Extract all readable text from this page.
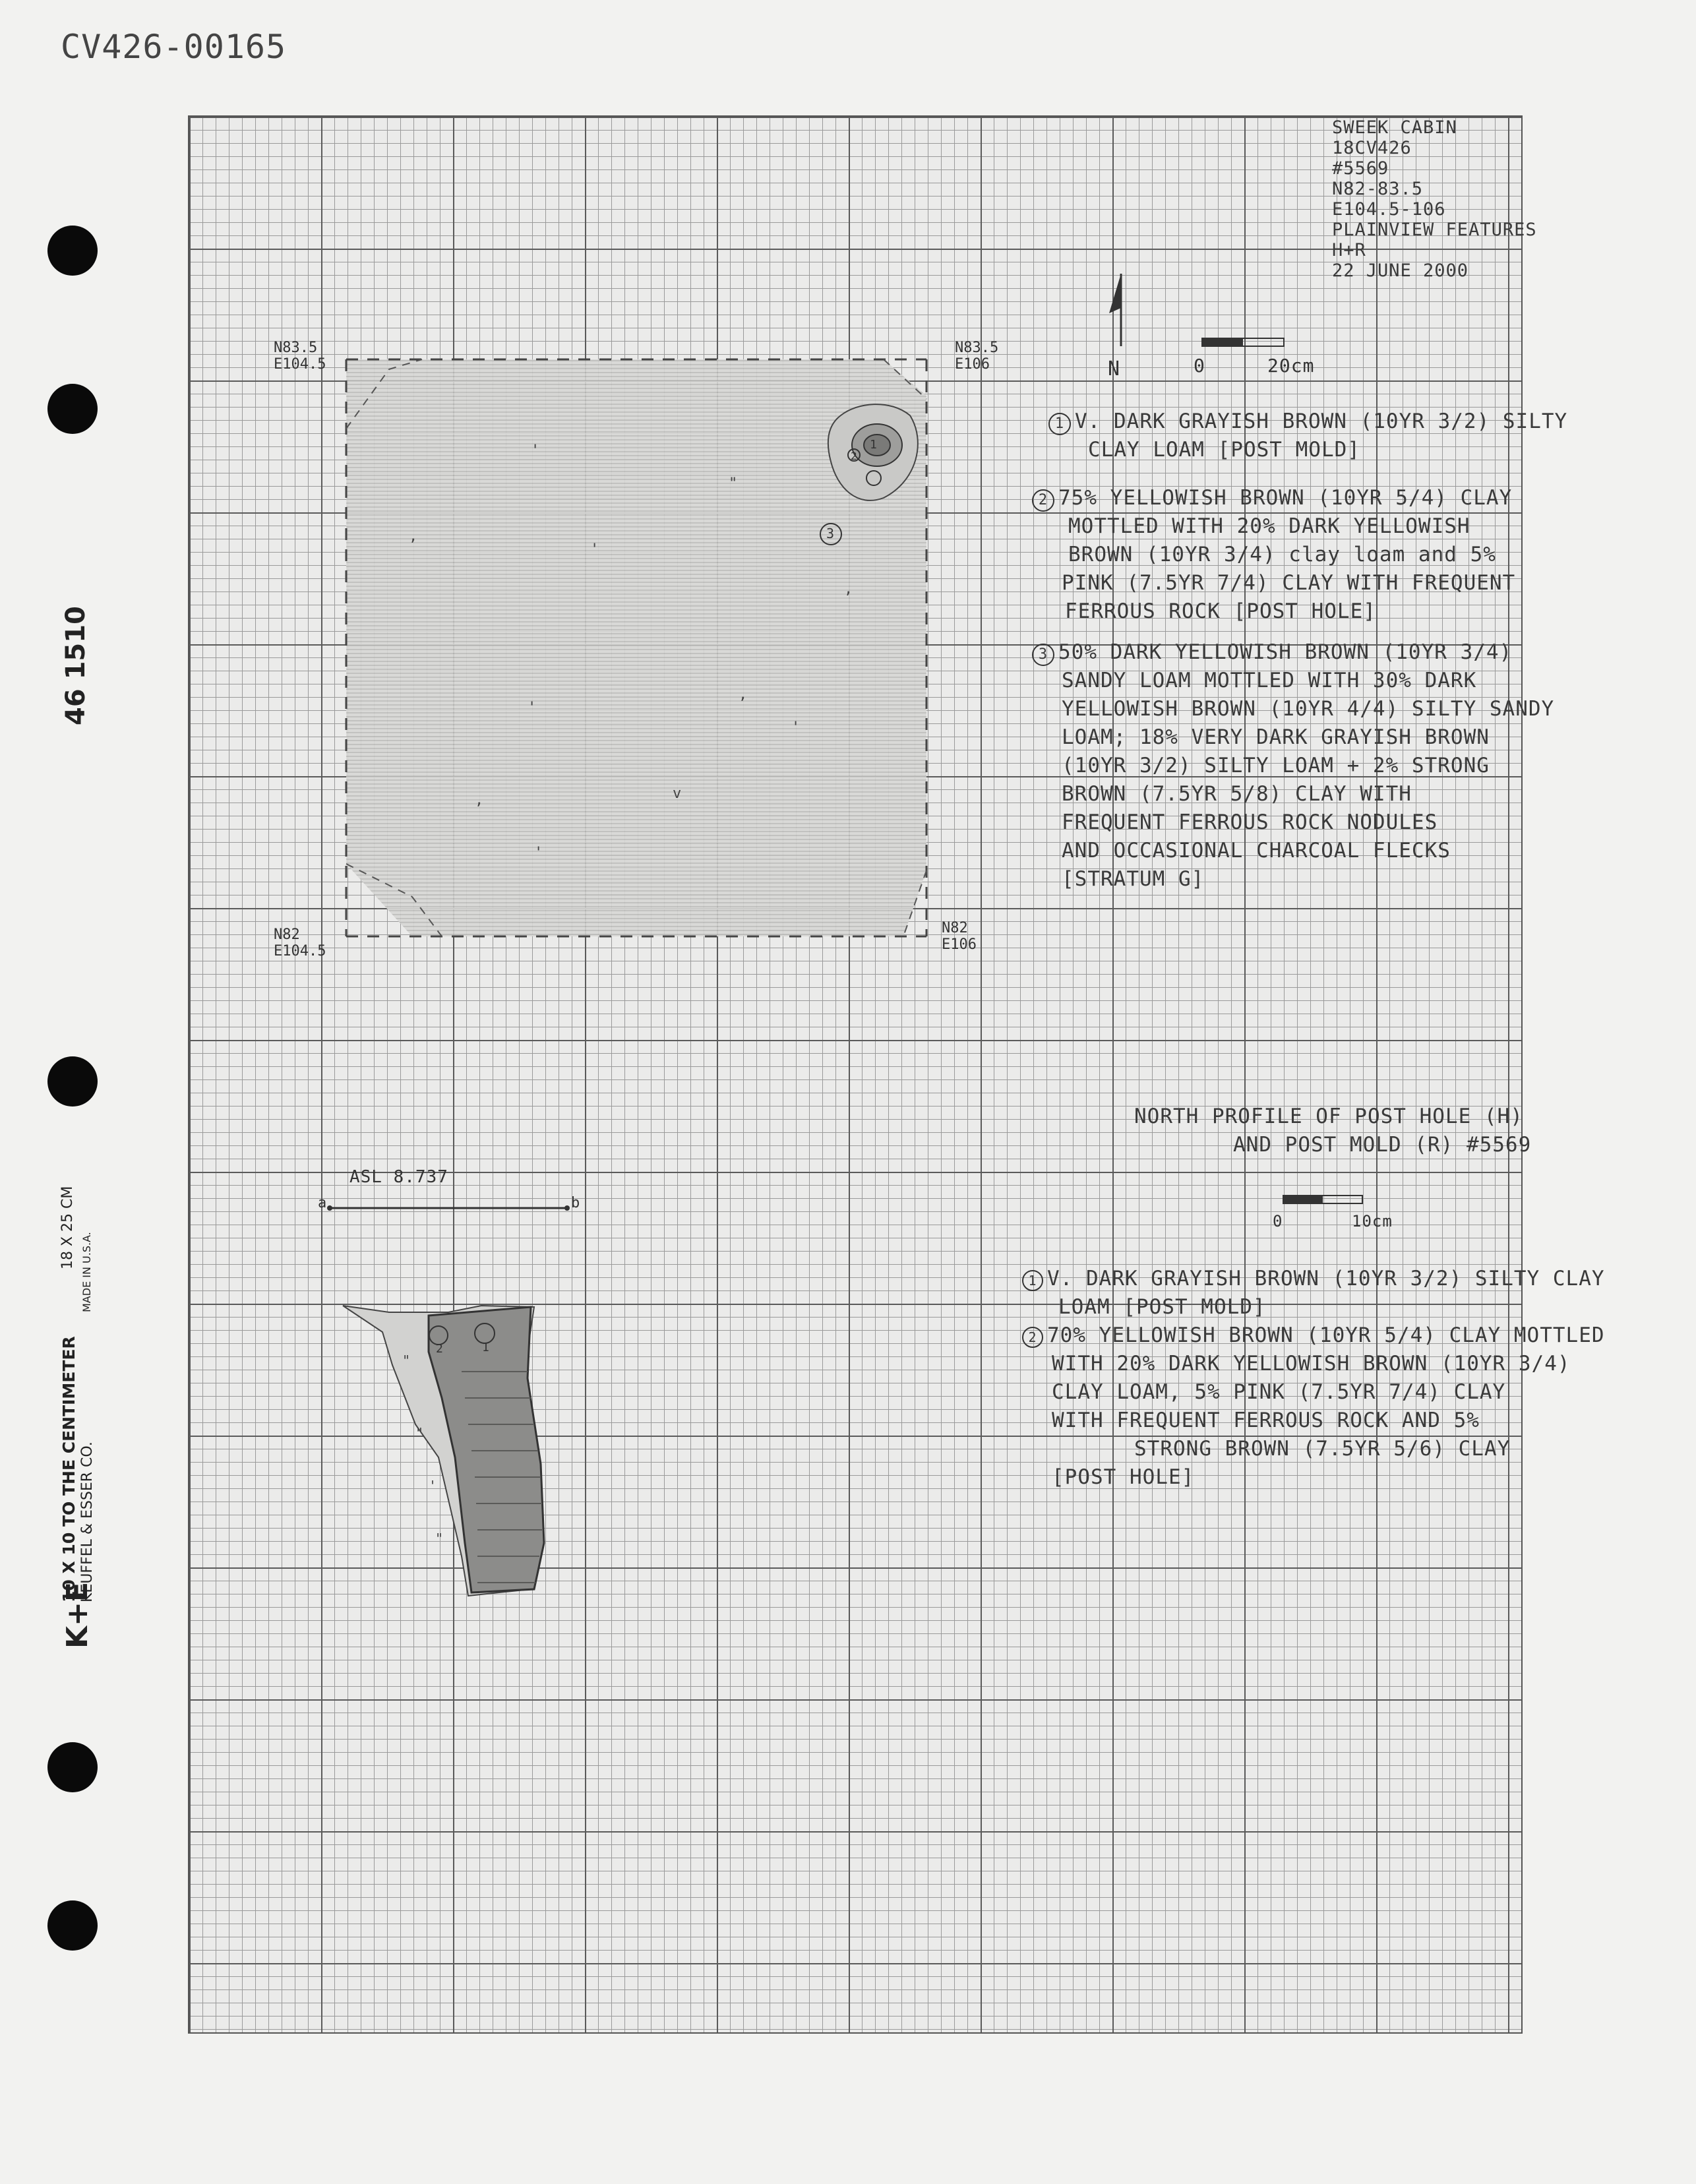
CV426-00165
46 1510
K+E
10 X 10 TO THE CENTIMETER KEUFFEL & ESSER CO.
MADE IN U.S.A.
18 X 25 CM
SWEEK CABIN
18CV426
#5569
N82-83.5
E104.5-106
PLAINVIEW FEATURES
H+R
22 JUNE 2000
N	0	20cm
'
"
,
'
,
'
,
,	v
'
'
1
2
3
N83.5
E104.5
N83.5
E106
N82
E104.5
N82
E106
1 V. DARK GRAYISH BROWN (10YR 3/2) SILTY
CLAY LOAM [POST MOLD]
2 75% YELLOWISH BROWN (10YR 5/4) CLAY
MOTTLED WITH 20% DARK YELLOWISH
BROWN (10YR 3/4) clay loam and 5%
PINK (7.5YR 7/4) CLAY WITH FREQUENT
FERROUS ROCK [POST HOLE]
3 50% DARK YELLOWISH BROWN (10YR 3/4)
SANDY LOAM MOTTLED WITH 30% DARK
YELLOWISH BROWN (10YR 4/4) SILTY SANDY
LOAM; 18% VERY DARK GRAYISH BROWN
(10YR 3/2) SILTY LOAM + 2% STRONG
BROWN (7.5YR 5/8) CLAY WITH
FREQUENT FERROUS ROCK NODULES
AND OCCASIONAL CHARCOAL FLECKS
[STRATUM G]
NORTH PROFILE OF POST HOLE (H)
AND POST MOLD (R) #5569
0	10cm
ASL 8.737
a	b
"
"
'
"
1
2
1 V. DARK GRAYISH BROWN (10YR 3/2) SILTY CLAY
LOAM [POST MOLD]
2 70% YELLOWISH BROWN (10YR 5/4) CLAY MOTTLED
WITH 20% DARK YELLOWISH BROWN (10YR 3/4)
CLAY LOAM, 5% PINK (7.5YR 7/4) CLAY
WITH FREQUENT FERROUS ROCK AND 5%
STRONG BROWN (7.5YR 5/6) CLAY
[POST HOLE]
